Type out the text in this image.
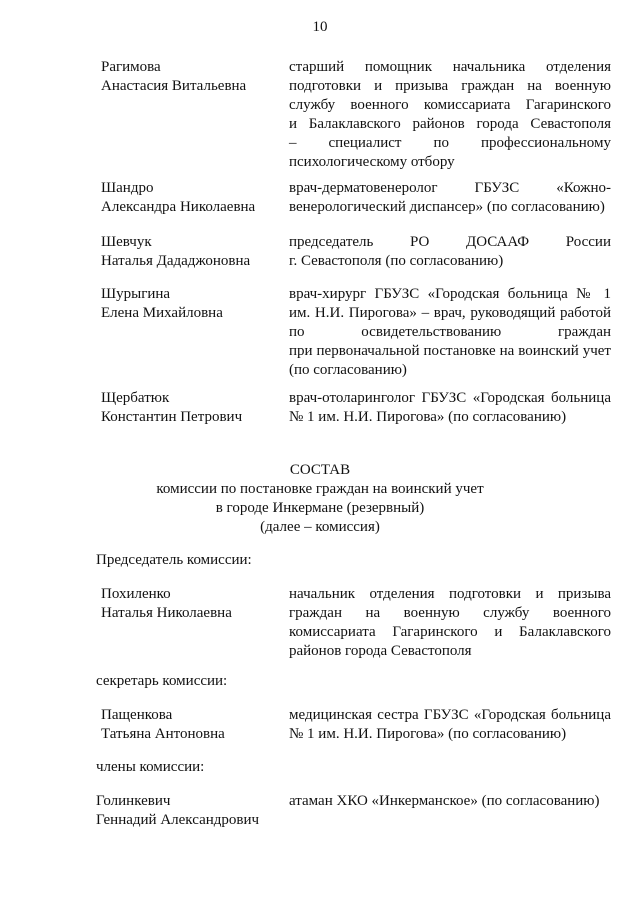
10
Рагимова
Анастасия Витальевна
старший помощник начальника отделения
подготовки и призыва граждан на военную
службу военного комиссариата Гагаринского
и Балаклавского районов города Севастополя
– специалист по профессиональному
психологическому отбору
Шандро
Александра Николаевна
врач-дерматовенеролог ГБУЗС «Кожно-
венерологический диспансер» (по согласованию)
Шевчук
Наталья Дададжоновна
председатель РО ДОСААФ России
г. Севастополя (по согласованию)
Шурыгина
Елена Михайловна
врач-хирург ГБУЗС «Городская больница № 1
им. Н.И. Пирогова» – врач, руководящий работой
по освидетельствованию граждан
при первоначальной постановке на воинский учет
(по согласованию)
Щербатюк
Константин Петрович
врач-отоларинголог ГБУЗС «Городская больница
№ 1 им. Н.И. Пирогова» (по согласованию)
СОСТАВ
комиссии по постановке граждан на воинский учет
в городе Инкермане (резервный)
(далее – комиссия)
Председатель комиссии:
Похиленко
Наталья Николаевна
начальник отделения подготовки и призыва
граждан на военную службу военного
комиссариата Гагаринского и Балаклавского
районов города Севастополя
секретарь комиссии:
Пащенкова
Татьяна Антоновна
медицинская сестра ГБУЗС «Городская больница
№ 1 им. Н.И. Пирогова» (по согласованию)
члены комиссии:
Голинкевич
Геннадий Александрович
атаман ХКО «Инкерманское» (по согласованию)
